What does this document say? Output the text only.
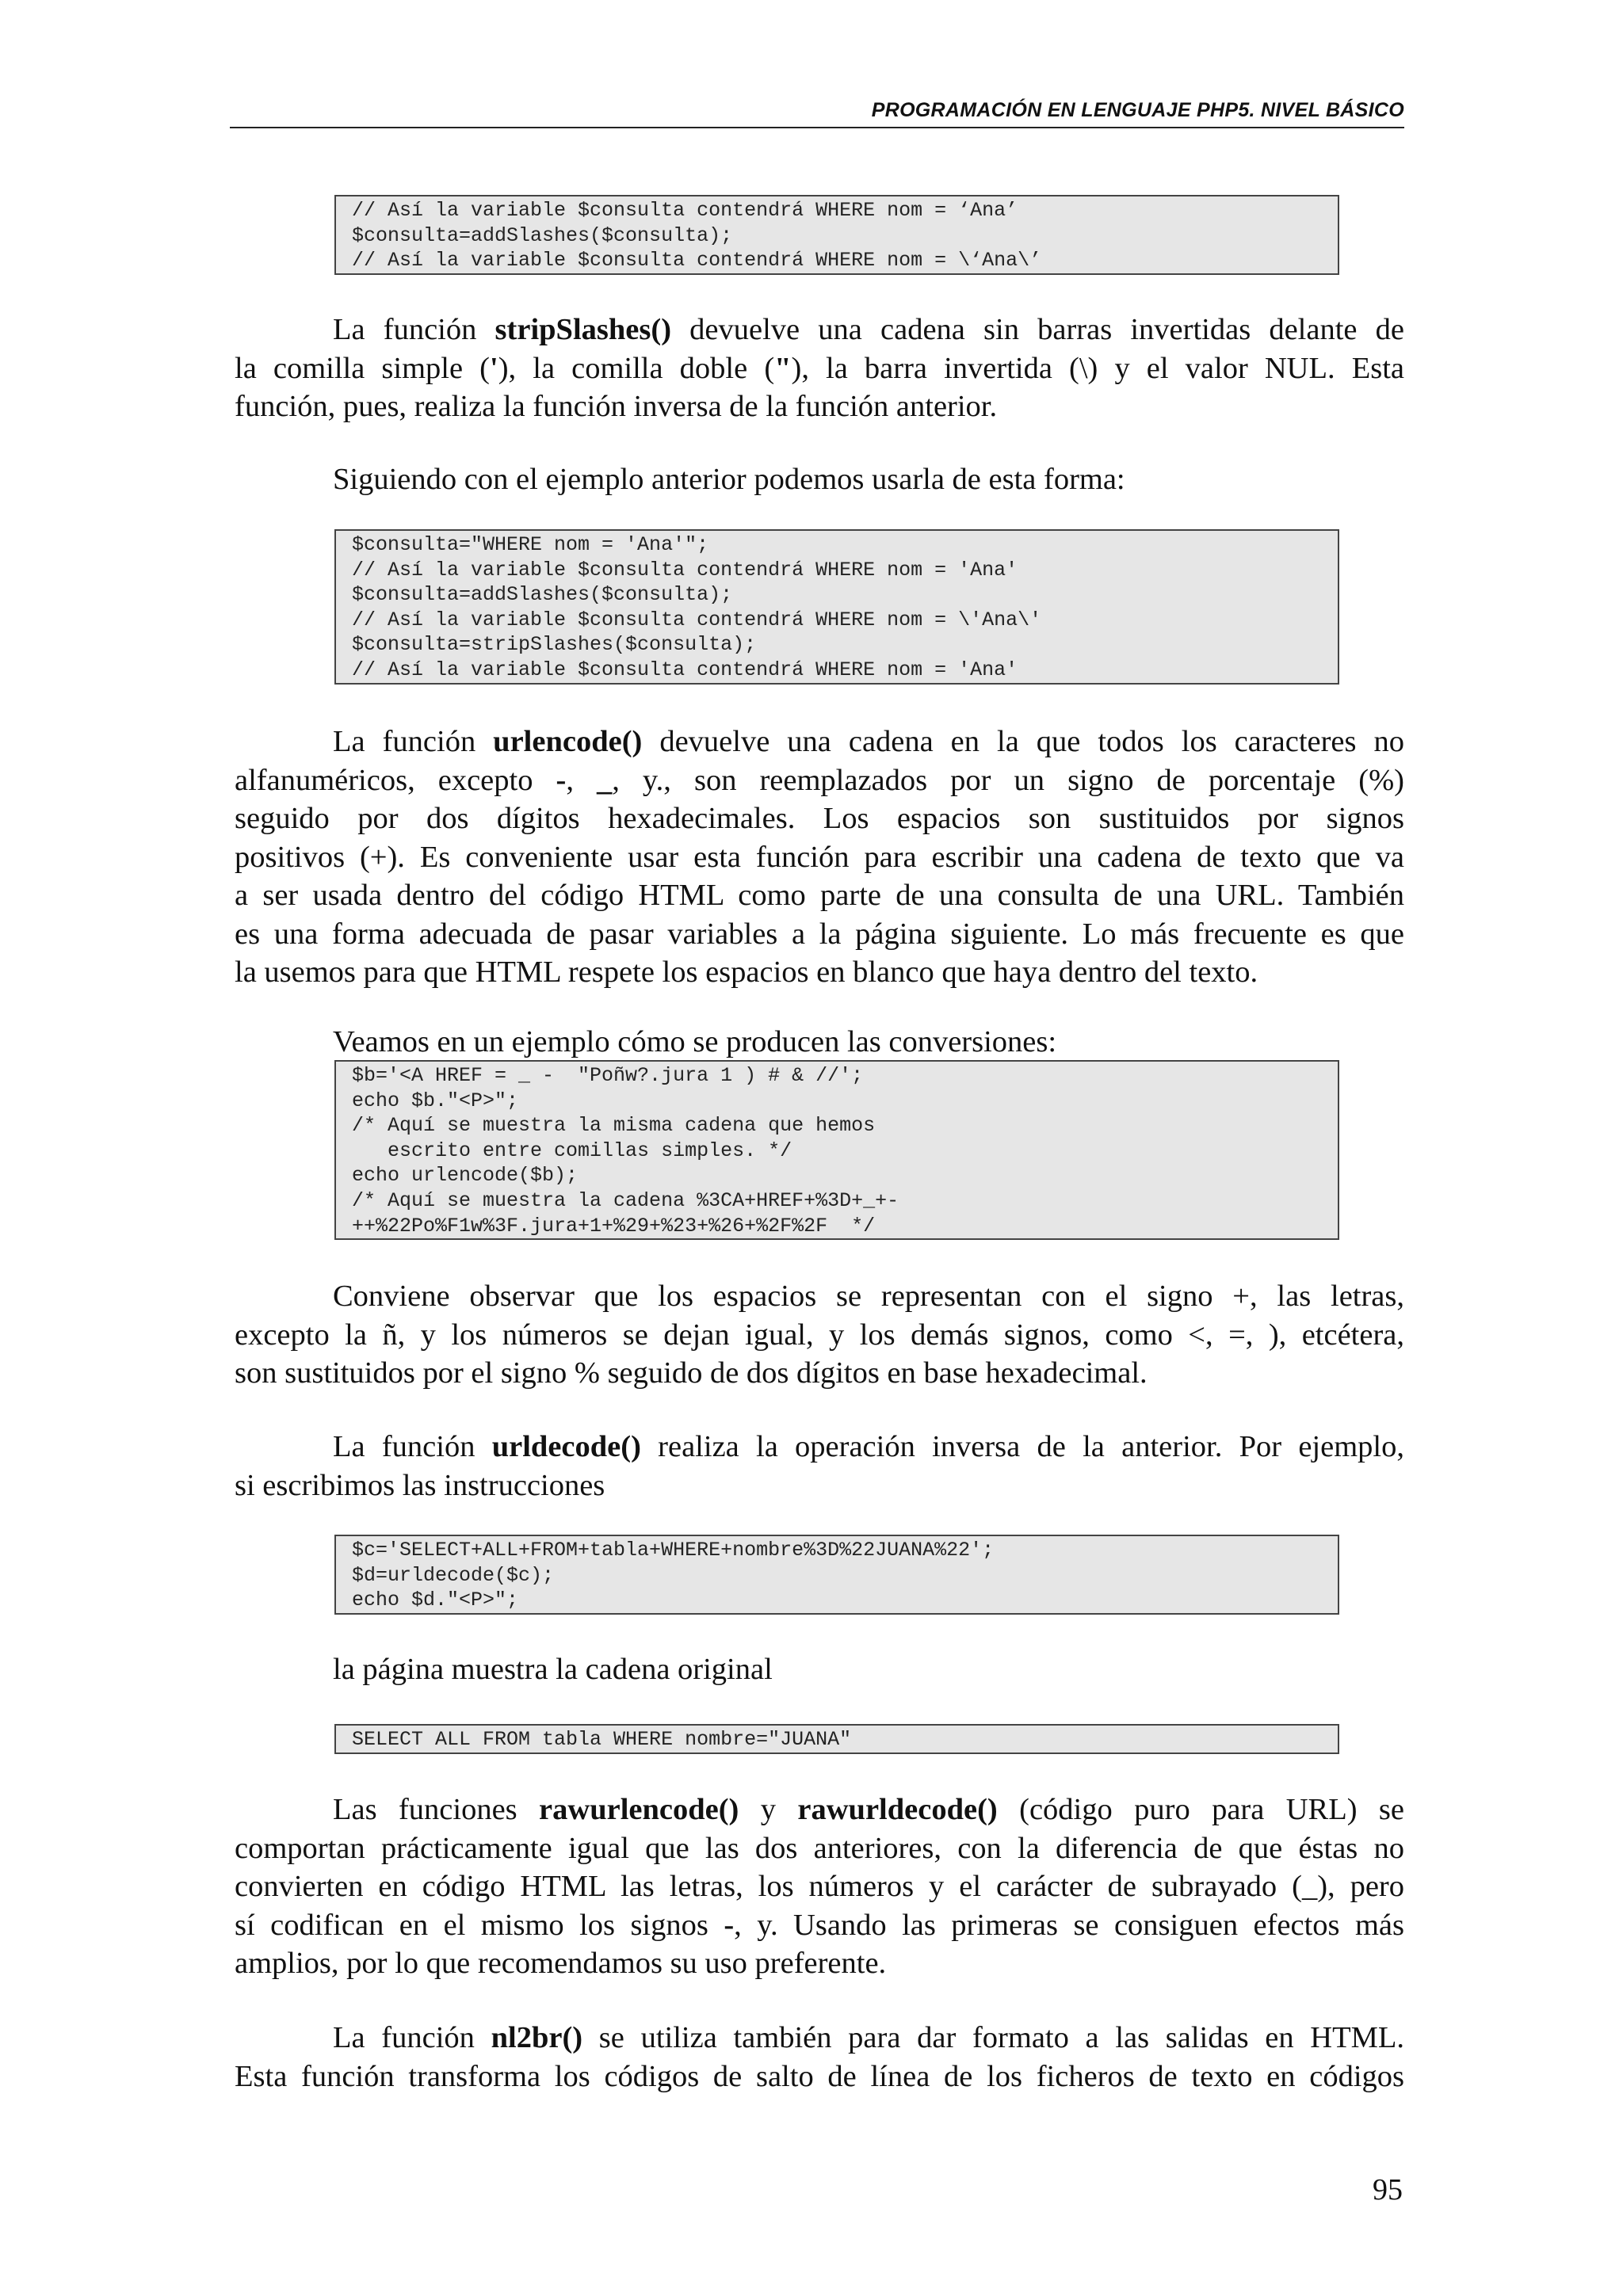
PROGRAMACIÓN EN LENGUAJE PHP5. NIVEL BÁSICO
// Así la variable $consulta contendrá WHERE nom = ‘Ana’
$consulta=addSlashes($consulta);
// Así la variable $consulta contendrá WHERE nom = \‘Ana\’
La función stripSlashes() devuelve una cadena sin barras invertidas delante de
la comilla simple ('), la comilla doble ("), la barra invertida (\) y el valor NUL. Esta
función, pues, realiza la función inversa de la función anterior.
Siguiendo con el ejemplo anterior podemos usarla de esta forma:
$consulta="WHERE nom = 'Ana'";
// Así la variable $consulta contendrá WHERE nom = 'Ana'
$consulta=addSlashes($consulta);
// Así la variable $consulta contendrá WHERE nom = \'Ana\'
$consulta=stripSlashes($consulta);
// Así la variable $consulta contendrá WHERE nom = 'Ana'
La función urlencode() devuelve una cadena en la que todos los caracteres no
alfanuméricos, excepto -, _, y., son reemplazados por un signo de porcentaje (%)
seguido por dos dígitos hexadecimales. Los espacios son sustituidos por signos
positivos (+). Es conveniente usar esta función para escribir una cadena de texto que va
a ser usada dentro del código HTML como parte de una consulta de una URL. También
es una forma adecuada de pasar variables a la página siguiente. Lo más frecuente es que
la usemos para que HTML respete los espacios en blanco que haya dentro del texto.
Veamos en un ejemplo cómo se producen las conversiones:
$b='<A HREF = _ -  "Poñw?.jura 1 ) # & //';
echo $b."<P>";
/* Aquí se muestra la misma cadena que hemos
escrito entre comillas simples. */
echo urlencode($b);
/* Aquí se muestra la cadena %3CA+HREF+%3D+_+-
++%22Po%F1w%3F.jura+1+%29+%23+%26+%2F%2F  */
Conviene observar que los espacios se representan con el signo +, las letras,
excepto la ñ, y los números se dejan igual, y los demás signos, como <, =, ), etcétera,
son sustituidos por el signo % seguido de dos dígitos en base hexadecimal.
La función urldecode() realiza la operación inversa de la anterior. Por ejemplo,
si escribimos las instrucciones
$c='SELECT+ALL+FROM+tabla+WHERE+nombre%3D%22JUANA%22';
$d=urldecode($c);
echo $d."<P>";
la página muestra la cadena original
SELECT ALL FROM tabla WHERE nombre="JUANA"
Las funciones rawurlencode() y rawurldecode() (código puro para URL) se
comportan prácticamente igual que las dos anteriores, con la diferencia de que éstas no
convierten en código HTML las letras, los números y el carácter de subrayado (_), pero
sí codifican en el mismo los signos -, y. Usando las primeras se consiguen efectos más
amplios, por lo que recomendamos su uso preferente.
La función nl2br() se utiliza también para dar formato a las salidas en HTML.
Esta función transforma los códigos de salto de línea de los ficheros de texto en códigos
95
